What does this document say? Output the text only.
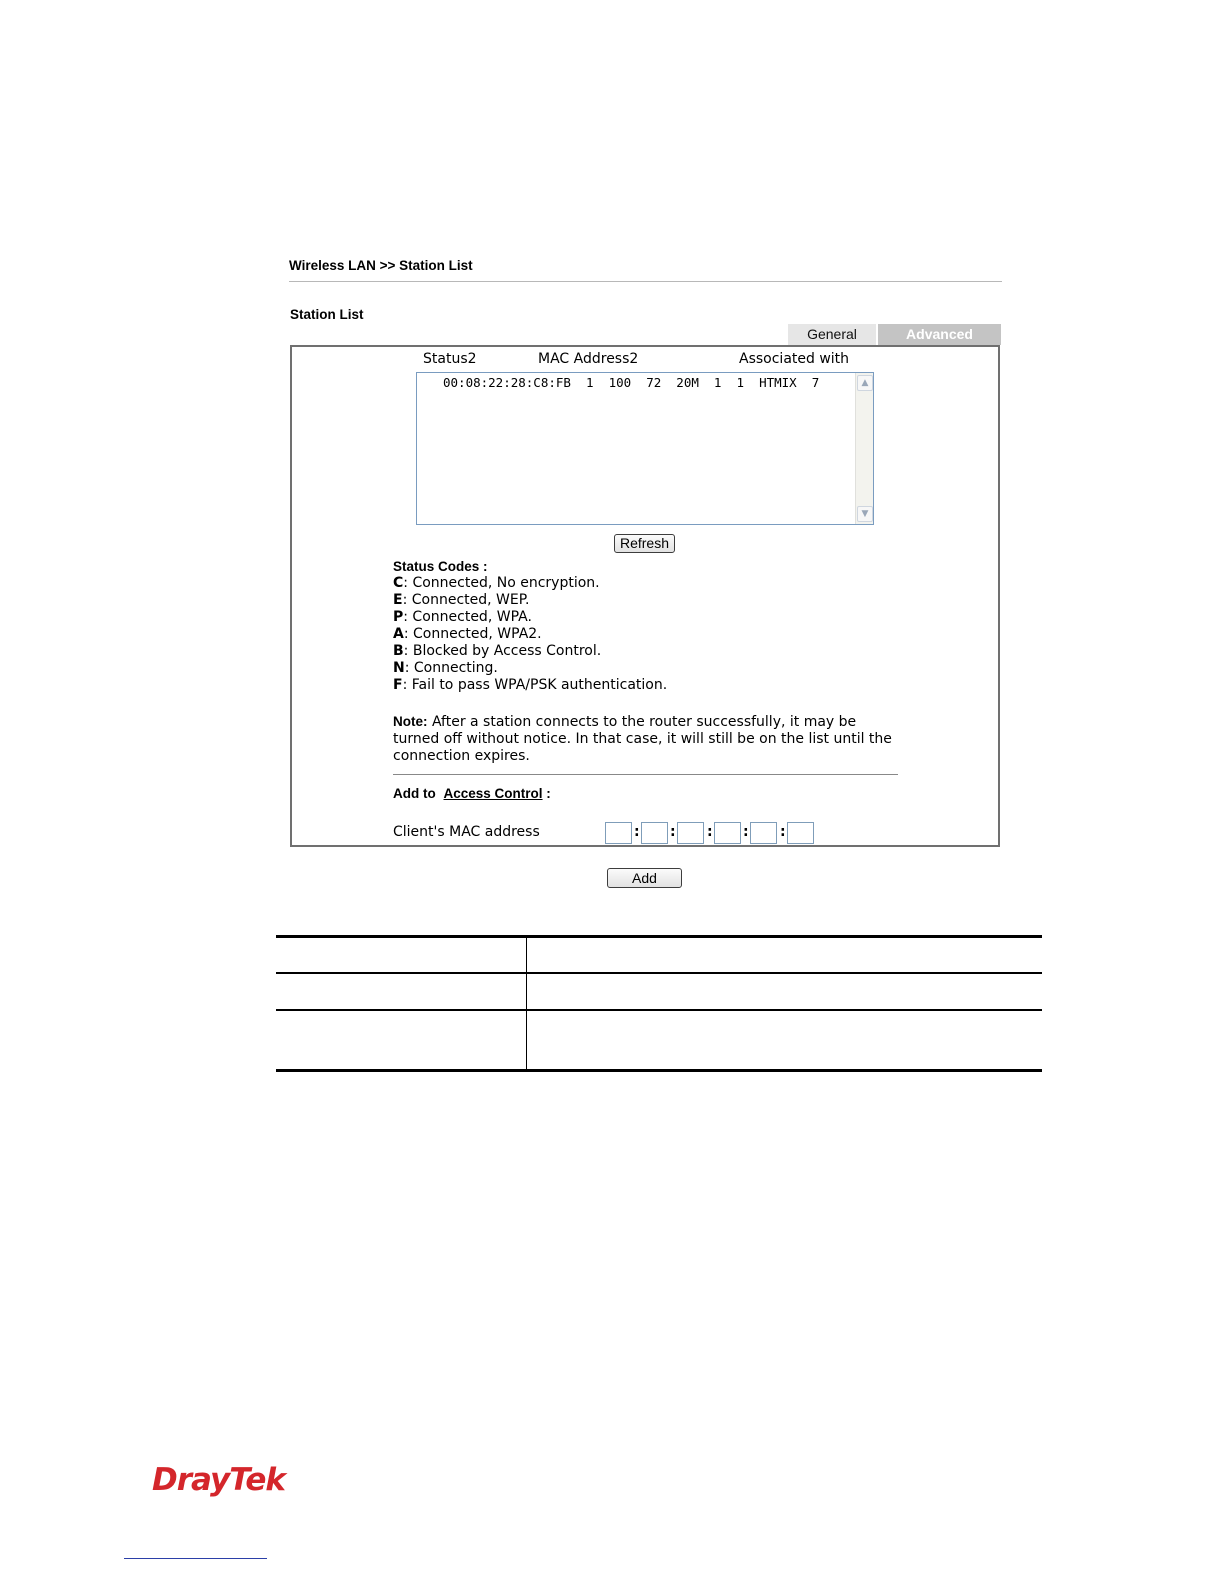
Wireless LAN >> Station List
Station List
General	Advanced
Status2	MAC Address2	Associated with
00:08:22:28:C8:FB  1  100  72  20M  1  1  HTMIX  7	▲
▼
Refresh
Status Codes :
C: Connected, No encryption.
E: Connected, WEP.
P: Connected, WPA.
A: Connected, WPA2.
B: Blocked by Access Control.
N: Connecting.
F: Fail to pass WPA/PSK authentication.
Note: After a station connects to the router successfully, it may be turned off without notice. In that case, it will still be on the list until the connection expires.
Add to Access Control :
Client's MAC address	: : : : :
Add
DrayTek
